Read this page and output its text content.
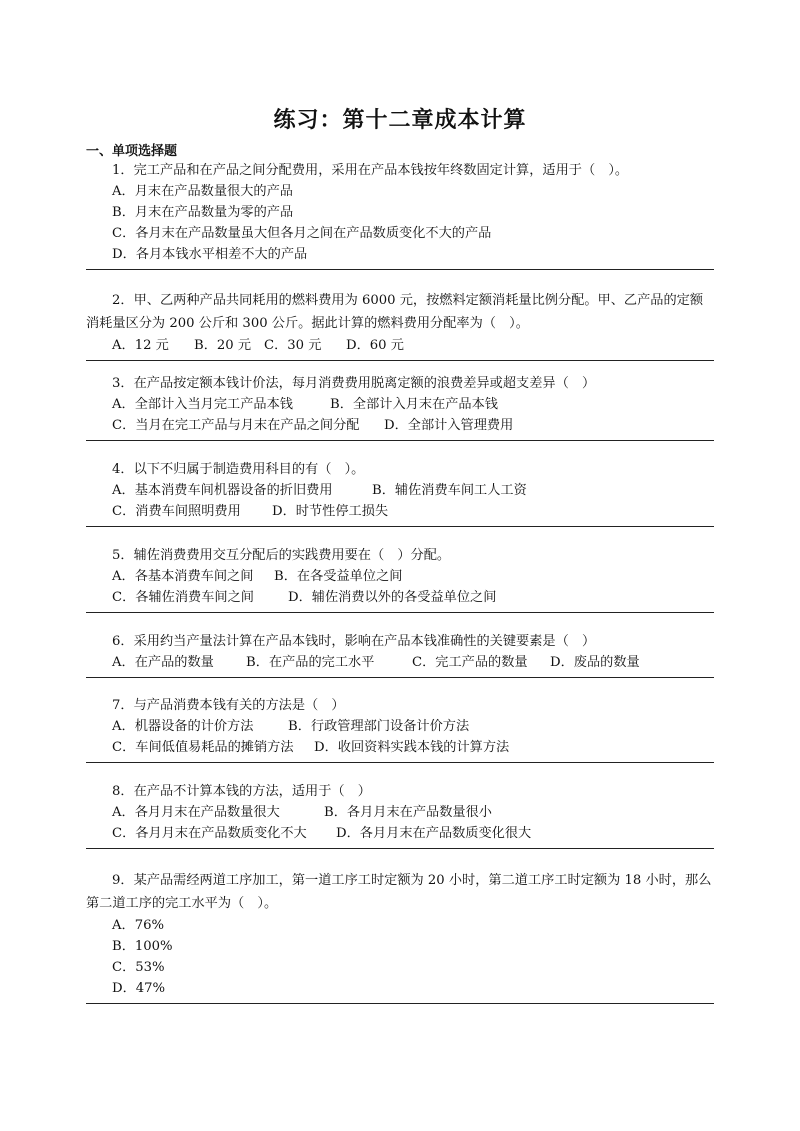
练习：第十二章成本计算
一、单项选择题
1．完工产品和在产品之间分配费用，采用在产品本钱按年终数固定计算，适用于（　）。
A．月末在产品数量很大的产品
B．月末在产品数量为零的产品
C．各月末在产品数量虽大但各月之间在产品数质变化不大的产品
D．各月本钱水平相差不大的产品
2．甲、乙两种产品共同耗用的燃料费用为 6000 元，按燃料定额消耗量比例分配。甲、乙产品的定额消耗量区分为 200 公斤和 300 公斤。据此计算的燃料费用分配率为（　）。
A．12 元 B．20 元 C．30 元 D．60 元
3．在产品按定额本钱计价法，每月消费费用脱离定额的浪费差异或超支差异（　）
A．全部计入当月完工产品本钱	B．全部计入月末在产品本钱
C．当月在完工产品与月末在产品之间分配 D．全部计入管理费用
4．以下不归属于制造费用科目的有（　）。
A．基本消费车间机器设备的折旧费用	B．辅佐消费车间工人工资
C．消费车间照明费用 D．时节性停工损失
5．辅佐消费费用交互分配后的实践费用要在（　）分配。
A．各基本消费车间之间 B．在各受益单位之间
C．各辅佐消费车间之间	D．辅佐消费以外的各受益单位之间
6．采用约当产量法计算在产品本钱时，影响在产品本钱准确性的关键要素是（　）
A．在产品的数量 B．在产品的完工水平	C．完工产品的数量 D．废品的数量
7．与产品消费本钱有关的方法是（　）
A．机器设备的计价方法	B．行政管理部门设备计价方法
C．车间低值易耗品的摊销方法 D．收回资料实践本钱的计算方法
8．在产品不计算本钱的方法，适用于（　）
A．各月月末在产品数量很大	B．各月月末在产品数量很小
C．各月月末在产品数质变化不大 D．各月月末在产品数质变化很大
9．某产品需经两道工序加工，第一道工序工时定额为 20 小时，第二道工序工时定额为 18 小时，那么第二道工序的完工水平为（　）。
A．76%
B．100%
C．53%
D．47%
